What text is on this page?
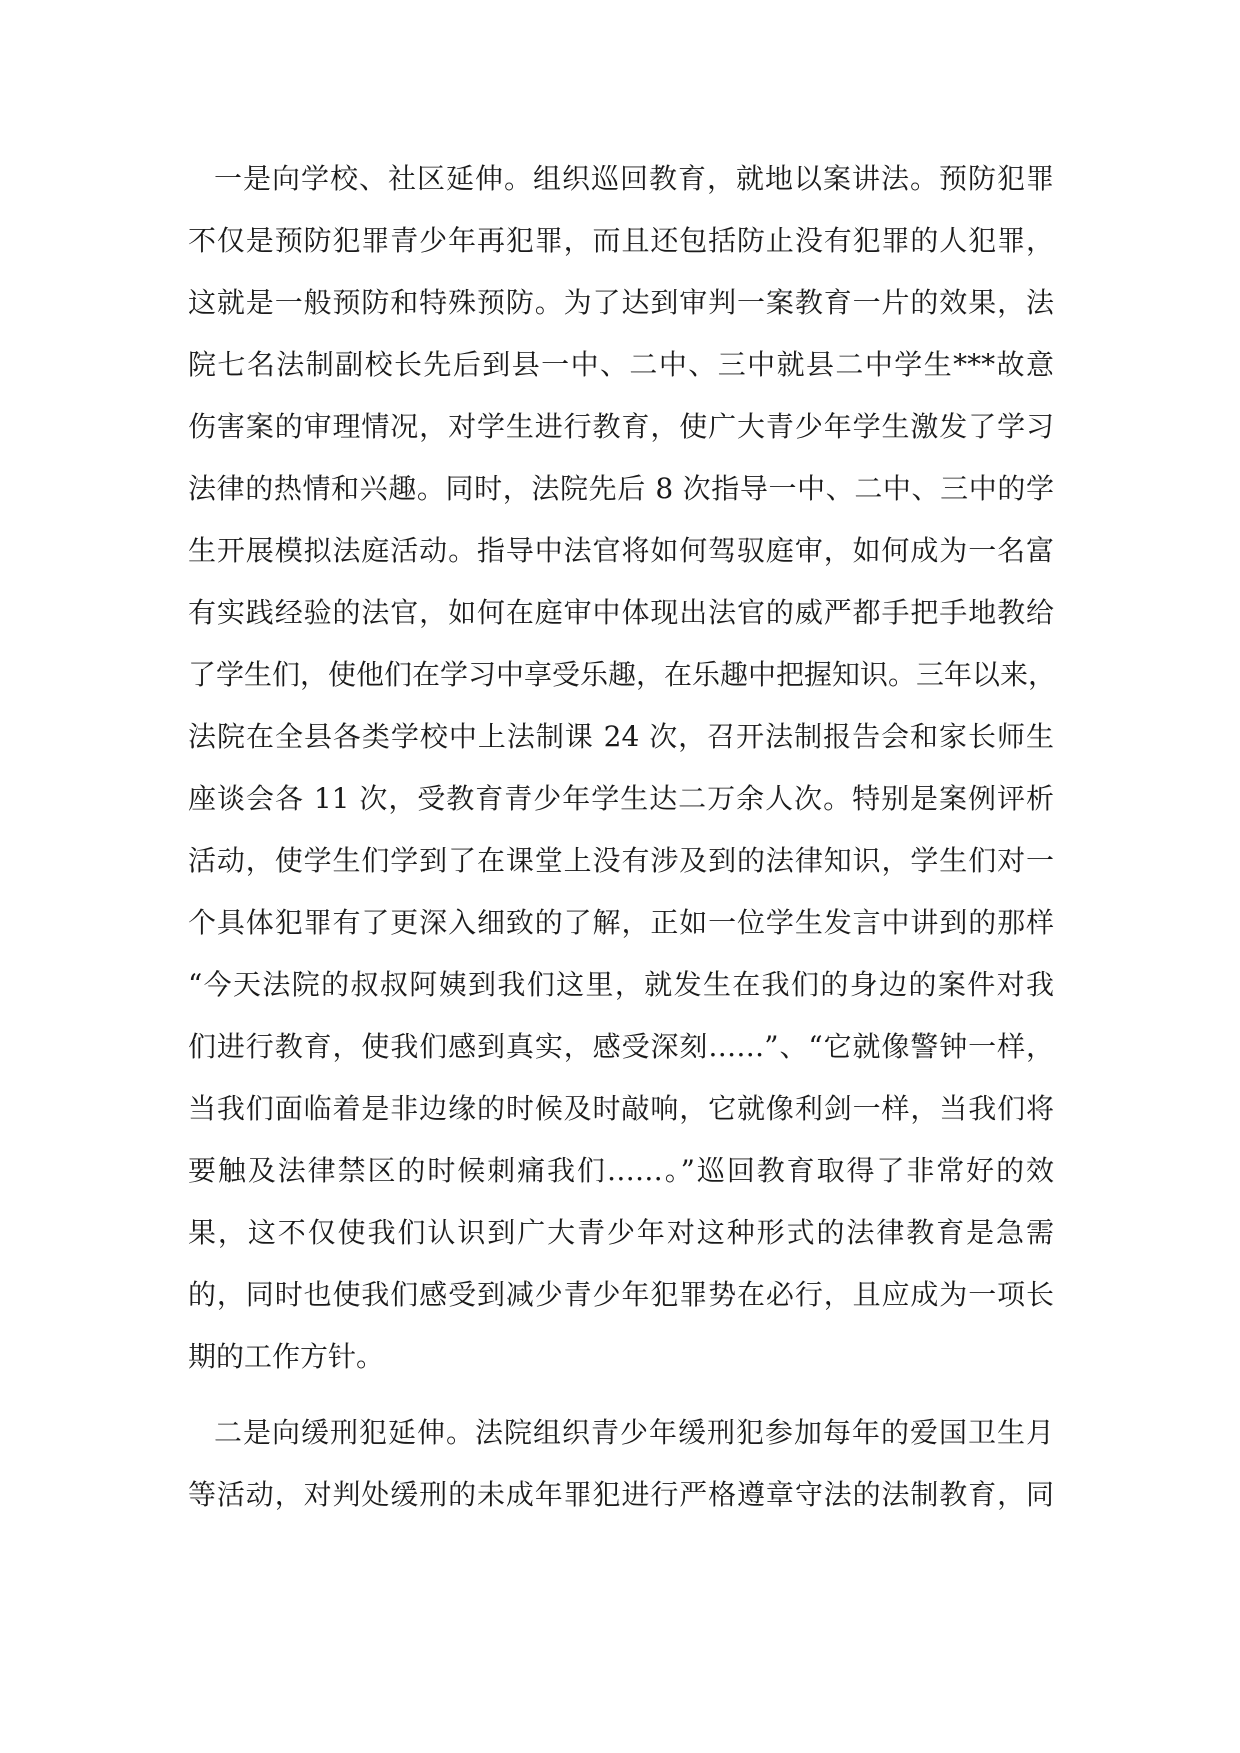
一是向学校、社区延伸。组织巡回教育，就地以案讲法。预防犯罪
不仅是预防犯罪青少年再犯罪，而且还包括防止没有犯罪的人犯罪，
这就是一般预防和特殊预防。为了达到审判一案教育一片的效果，法
院七名法制副校长先后到县一中、二中、三中就县二中学生***故意
伤害案的审理情况，对学生进行教育，使广大青少年学生激发了学习
法律的热情和兴趣。同时，法院先后 8 次指导一中、二中、三中的学
生开展模拟法庭活动。指导中法官将如何驾驭庭审，如何成为一名富
有实践经验的法官，如何在庭审中体现出法官的威严都手把手地教给
了学生们，使他们在学习中享受乐趣，在乐趣中把握知识。三年以来，
法院在全县各类学校中上法制课 24 次，召开法制报告会和家长师生
座谈会各 11 次，受教育青少年学生达二万余人次。特别是案例评析
活动，使学生们学到了在课堂上没有涉及到的法律知识，学生们对一
个具体犯罪有了更深入细致的了解，正如一位学生发言中讲到的那样
“今天法院的叔叔阿姨到我们这里，就发生在我们的身边的案件对我
们进行教育，使我们感到真实，感受深刻……”、“它就像警钟一样，
当我们面临着是非边缘的时候及时敲响，它就像利剑一样，当我们将
要触及法律禁区的时候刺痛我们……。”巡回教育取得了非常好的效
果，这不仅使我们认识到广大青少年对这种形式的法律教育是急需
的，同时也使我们感受到减少青少年犯罪势在必行，且应成为一项长
期的工作方针。
二是向缓刑犯延伸。法院组织青少年缓刑犯参加每年的爱国卫生月
等活动，对判处缓刑的未成年罪犯进行严格遵章守法的法制教育，同
